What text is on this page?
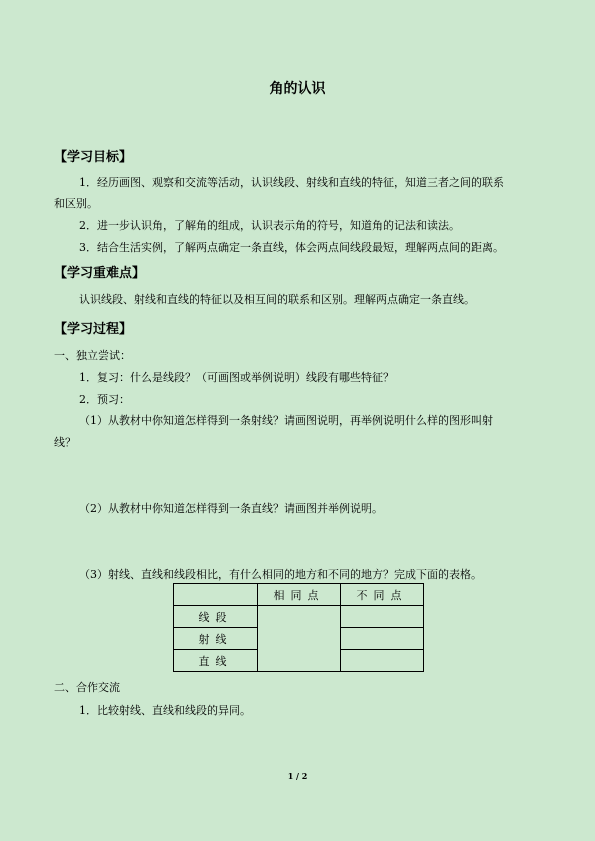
角的认识
【学习目标】
1．经历画图、观察和交流等活动，认识线段、射线和直线的特征，知道三者之间的联系
和区别。
2．进一步认识角，了解角的组成，认识表示角的符号，知道角的记法和读法。
3．结合生活实例，了解两点确定一条直线，体会两点间线段最短，理解两点间的距离。
【学习重难点】
认识线段、射线和直线的特征以及相互间的联系和区别。理解两点确定一条直线。
【学习过程】
一、独立尝试：
1．复习：什么是线段？（可画图或举例说明）线段有哪些特征？
2．预习：
（1）从教材中你知道怎样得到一条射线？请画图说明，再举例说明什么样的图形叫射
线？
（2）从教材中你知道怎样得到一条直线？请画图并举例说明。
（3）射线、直线和线段相比，有什么相同的地方和不同的地方？完成下面的表格。
	相同点	不同点
线段		
射线		
直线		
二、合作交流
1．比较射线、直线和线段的异同。
1 / 2
